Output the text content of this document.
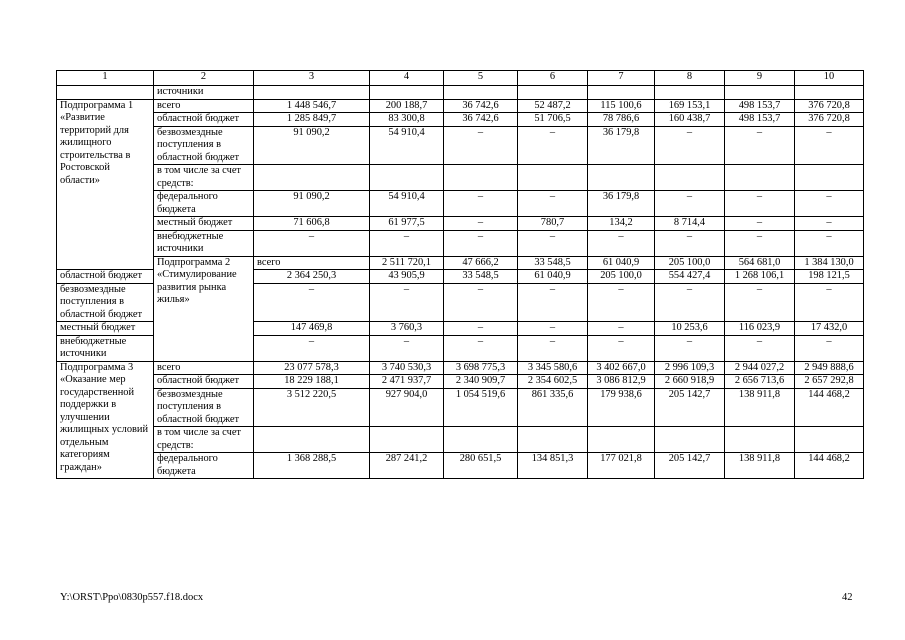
1	2	3	4	5	6	7	8	9	10	
	источники									
Подпрограмма 1 «Развитие территорий для жилищного строительства в Ростовской области»	всего	1 448 546,7	200 188,7	36 742,6	52 487,2	115 100,6	169 153,1	498 153,7	376 720,8	
	областной бюджет	1 285 849,7	83 300,8	36 742,6	51 706,5	78 786,6	160 438,7	498 153,7	376 720,8	
	безвозмездные поступления в областной бюджет	91 090,2	54 910,4	–	–	36 179,8	–	–	–	
	в том числе за счет средств:									
	федерального бюджета	91 090,2	54 910,4	–	–	36 179,8	–	–	–	
	местный бюджет	71 606,8	61 977,5	–	780,7	134,2	8 714,4	–	–	
	внебюджетные источники	–	–	–	–	–	–	–	–	
	Подпрограмма 2 «Стимулирование развития рынка жилья»	всего	2 511 720,1	47 666,2	33 548,5	61 040,9	205 100,0	564 681,0	1 384 130,0	
областной бюджет		2 364 250,3	43 905,9	33 548,5	61 040,9	205 100,0	554 427,4	1 268 106,1	198 121,5	
безвозмездные поступления в областной бюджет		–	–	–	–	–	–	–	–	
местный бюджет		147 469,8	3 760,3	–	–	–	10 253,6	116 023,9	17 432,0	
внебюджетные источники		–	–	–	–	–	–	–	–	
Подпрограмма 3 «Оказание мер государственной поддержки в улучшении жилищных условий отдельным категориям граждан»	всего	23 077 578,3	3 740 530,3	3 698 775,3	3 345 580,6	3 402 667,0	2 996 109,3	2 944 027,2	2 949 888,6	
	областной бюджет	18 229 188,1	2 471 937,7	2 340 909,7	2 354 602,5	3 086 812,9	2 660 918,9	2 656 713,6	2 657 292,8	
	безвозмездные поступления в областной бюджет	3 512 220,5	927 904,0	1 054 519,6	861 335,6	179 938,6	205 142,7	138 911,8	144 468,2	
	в том числе за счет средств:									
	федерального бюджета	1 368 288,5	287 241,2	280 651,5	134 851,3	177 021,8	205 142,7	138 911,8	144 468,2	
Y:\ORST\Ppo\0830p557.f18.docx	42
